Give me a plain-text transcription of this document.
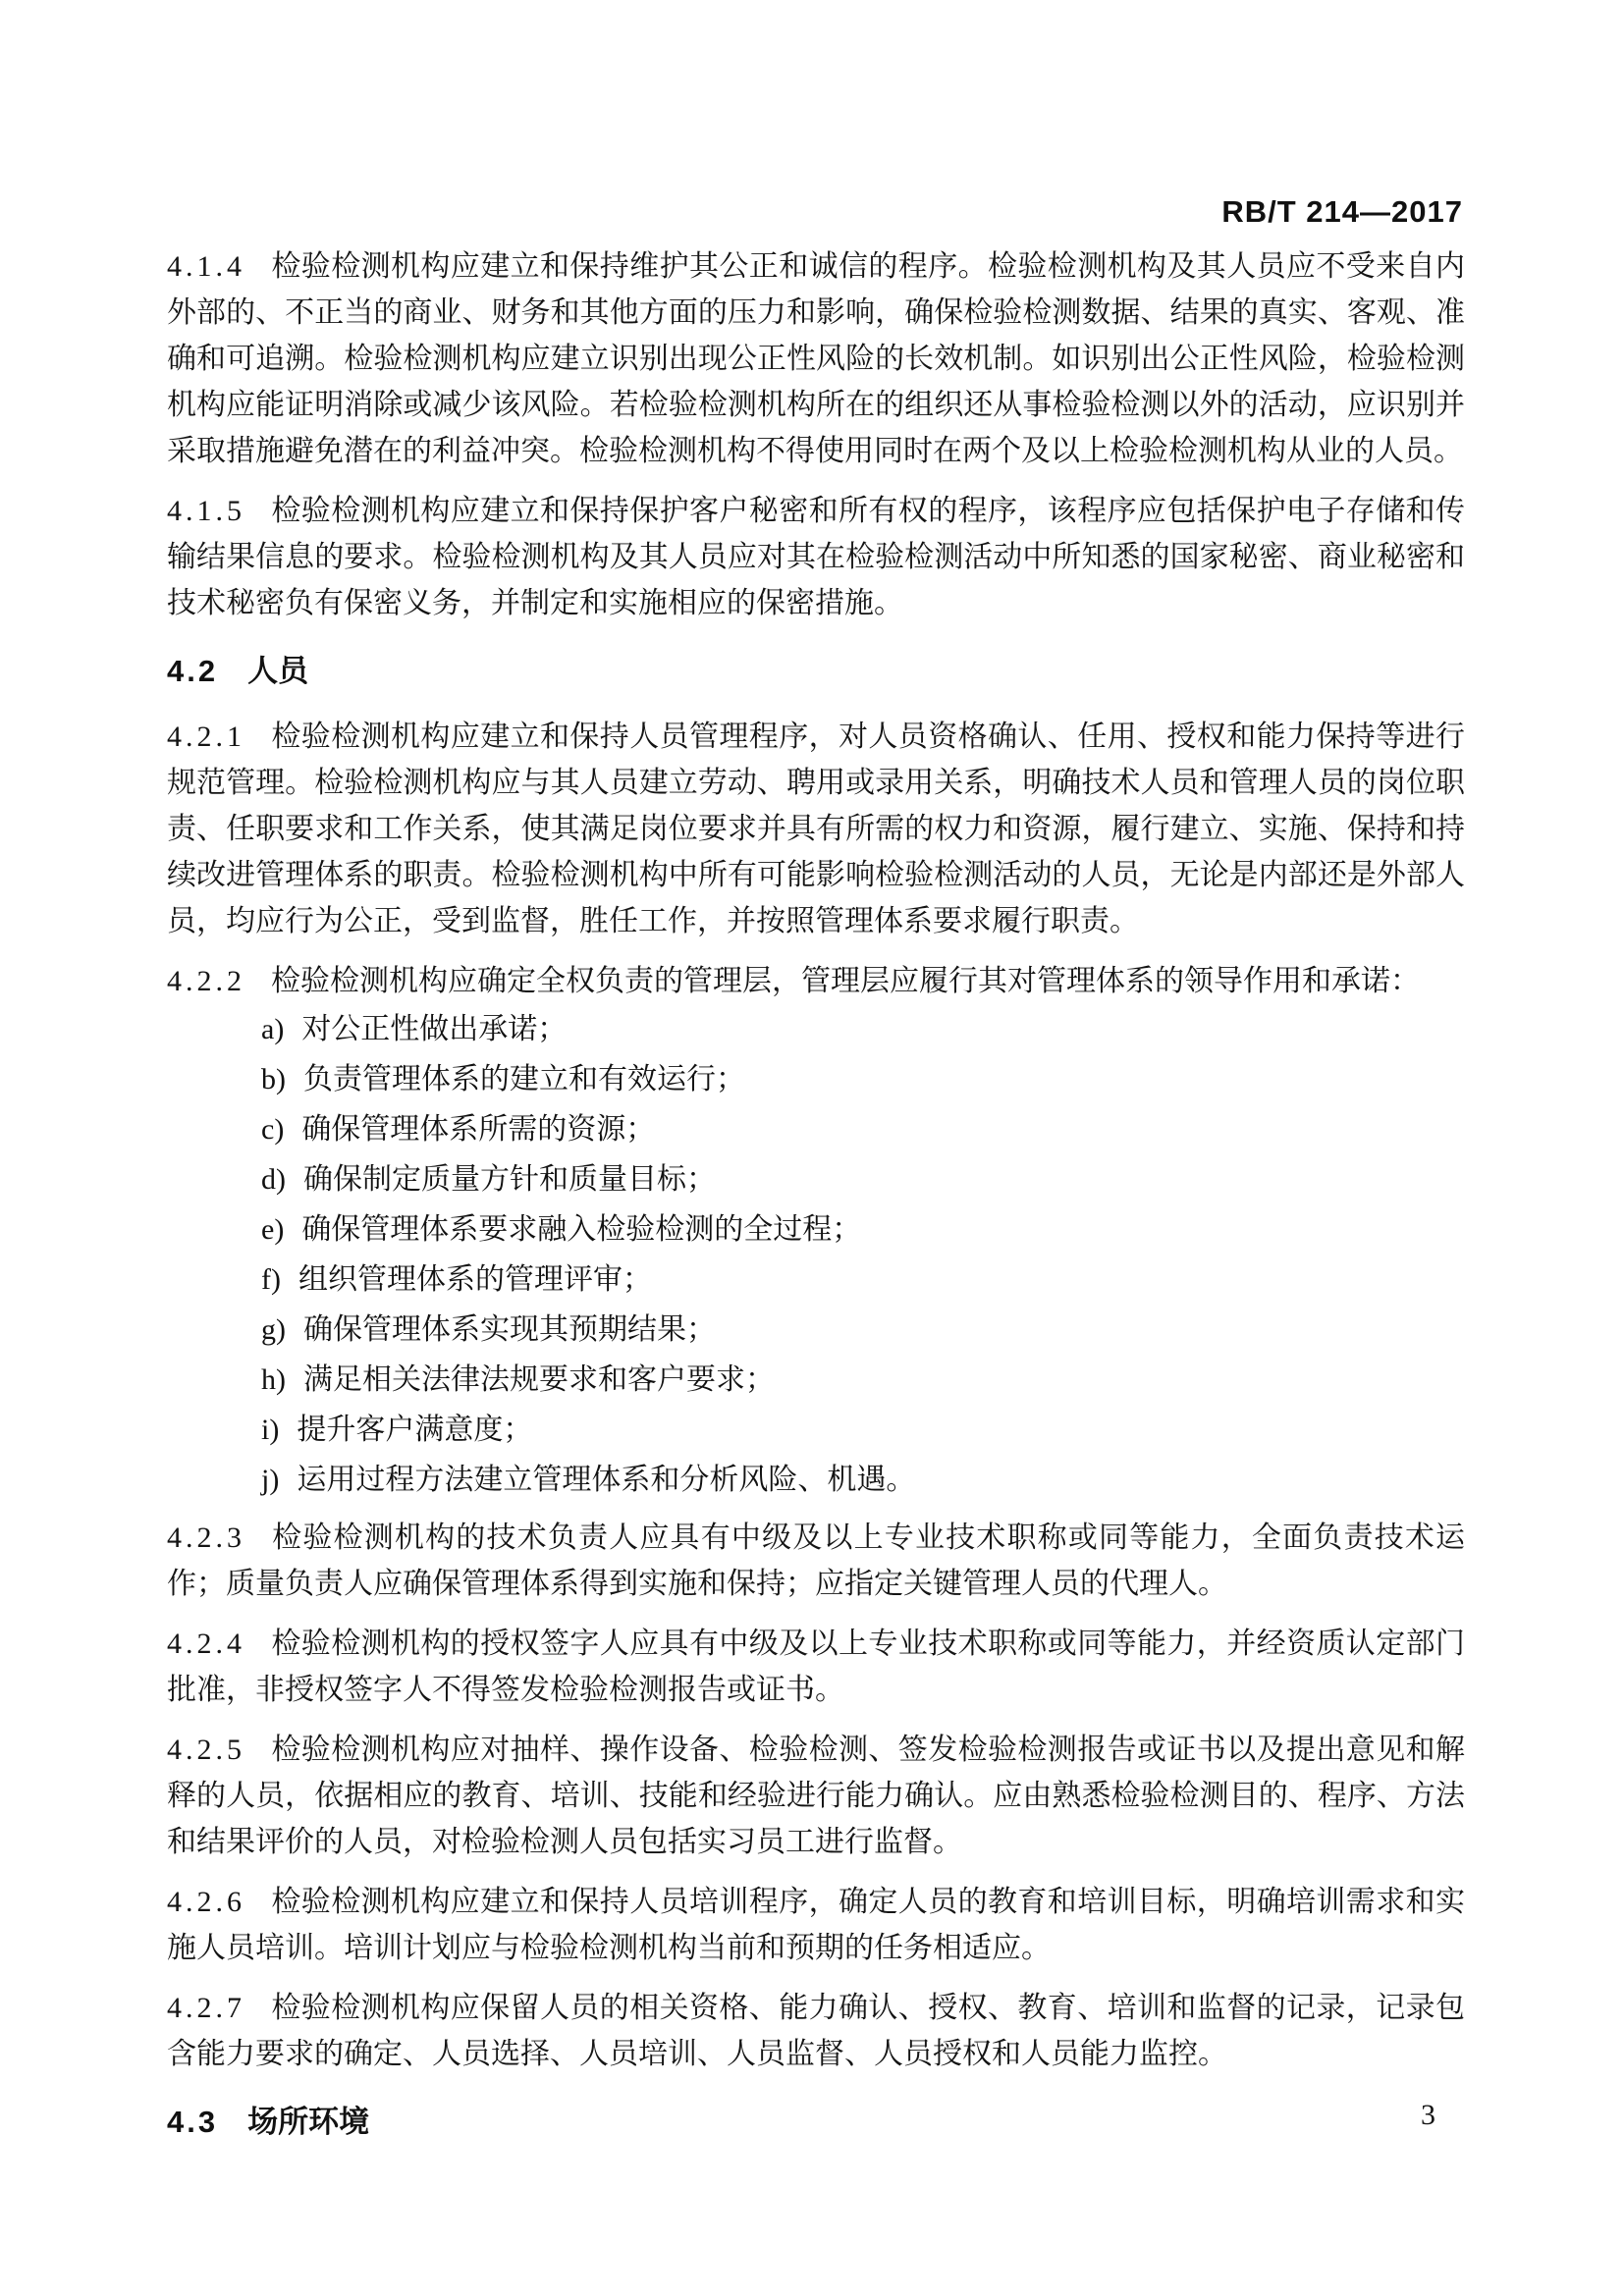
RB/T 214—2017

4.1.4 检验检测机构应建立和保持维护其公正和诚信的程序。检验检测机构及其人员应不受来自内外部的、不正当的商业、财务和其他方面的压力和影响，确保检验检测数据、结果的真实、客观、准确和可追溯。检验检测机构应建立识别出现公正性风险的长效机制。如识别出公正性风险，检验检测机构应能证明消除或减少该风险。若检验检测机构所在的组织还从事检验检测以外的活动，应识别并采取措施避免潜在的利益冲突。检验检测机构不得使用同时在两个及以上检验检测机构从业的人员。

4.1.5 检验检测机构应建立和保持保护客户秘密和所有权的程序，该程序应包括保护电子存储和传输结果信息的要求。检验检测机构及其人员应对其在检验检测活动中所知悉的国家秘密、商业秘密和技术秘密负有保密义务，并制定和实施相应的保密措施。

4.2 人员

4.2.1 检验检测机构应建立和保持人员管理程序，对人员资格确认、任用、授权和能力保持等进行规范管理。检验检测机构应与其人员建立劳动、聘用或录用关系，明确技术人员和管理人员的岗位职责、任职要求和工作关系，使其满足岗位要求并具有所需的权力和资源，履行建立、实施、保持和持续改进管理体系的职责。检验检测机构中所有可能影响检验检测活动的人员，无论是内部还是外部人员，均应行为公正，受到监督，胜任工作，并按照管理体系要求履行职责。

4.2.2 检验检测机构应确定全权负责的管理层，管理层应履行其对管理体系的领导作用和承诺：

a) 对公正性做出承诺；

b) 负责管理体系的建立和有效运行；

c) 确保管理体系所需的资源；

d) 确保制定质量方针和质量目标；

e) 确保管理体系要求融入检验检测的全过程；

f) 组织管理体系的管理评审；

g) 确保管理体系实现其预期结果；

h) 满足相关法律法规要求和客户要求；

i) 提升客户满意度；

j) 运用过程方法建立管理体系和分析风险、机遇。

4.2.3 检验检测机构的技术负责人应具有中级及以上专业技术职称或同等能力，全面负责技术运作；质量负责人应确保管理体系得到实施和保持；应指定关键管理人员的代理人。

4.2.4 检验检测机构的授权签字人应具有中级及以上专业技术职称或同等能力，并经资质认定部门批准，非授权签字人不得签发检验检测报告或证书。

4.2.5 检验检测机构应对抽样、操作设备、检验检测、签发检验检测报告或证书以及提出意见和解释的人员，依据相应的教育、培训、技能和经验进行能力确认。应由熟悉检验检测目的、程序、方法和结果评价的人员，对检验检测人员包括实习员工进行监督。

4.2.6 检验检测机构应建立和保持人员培训程序，确定人员的教育和培训目标，明确培训需求和实施人员培训。培训计划应与检验检测机构当前和预期的任务相适应。

4.2.7 检验检测机构应保留人员的相关资格、能力确认、授权、教育、培训和监督的记录，记录包含能力要求的确定、人员选择、人员培训、人员监督、人员授权和人员能力监控。

4.3 场所环境	3
